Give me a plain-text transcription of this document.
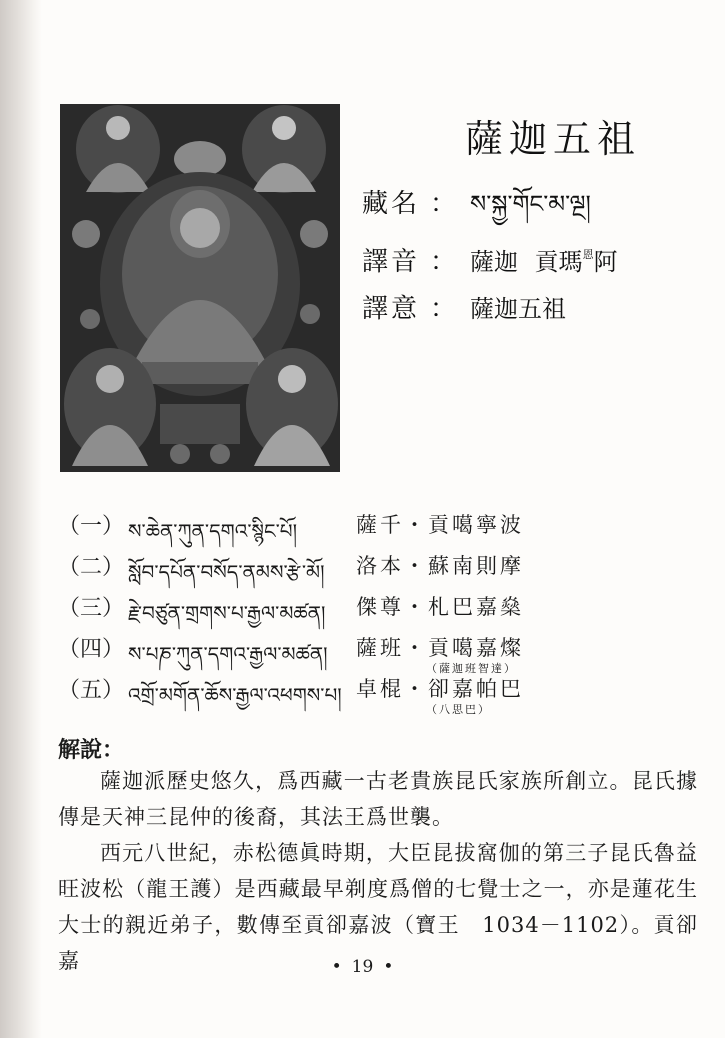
薩迦五祖
藏名 ： ས་སྐྱ་གོང་མ་ལྔ།
譯音 ： 薩迦 貢瑪$^恩$阿
譯意 ： 薩迦五祖
（一） ས་ཆེན་ཀུན་དགའ་སྙིང་པོ།	薩千・貢噶寧波
（二） སློབ་དཔོན་བསོད་ནམས་རྩེ་མོ། 洛本・蘇南則摩
（三） རྗེ་བཙུན་གྲགས་པ་རྒྱལ་མཚན། 傑尊・札巴嘉燊
（四） ས་པཎ་ཀུན་དགའ་རྒྱལ་མཚན། 薩班・貢噶嘉燦
（薩迦班智達）
（五） འགྲོ་མགོན་ཆོས་རྒྱལ་འཕགས་པ། 卓棍・卻嘉帕巴
（八思巴）
解說：

薩迦派歷史悠久，爲西藏一古老貴族昆氏家族所創立。昆氏據傳是天神三昆仲的後裔，其法王爲世襲。

西元八世紀，赤松德眞時期，大臣昆拔窩伽的第三子昆氏魯益旺波松（龍王護）是西藏最早剃度爲僧的七覺士之一，亦是蓮花生大士的親近弟子，數傳至貢卻嘉波（寶王　1034－1102）。貢卻嘉	• 19 •
